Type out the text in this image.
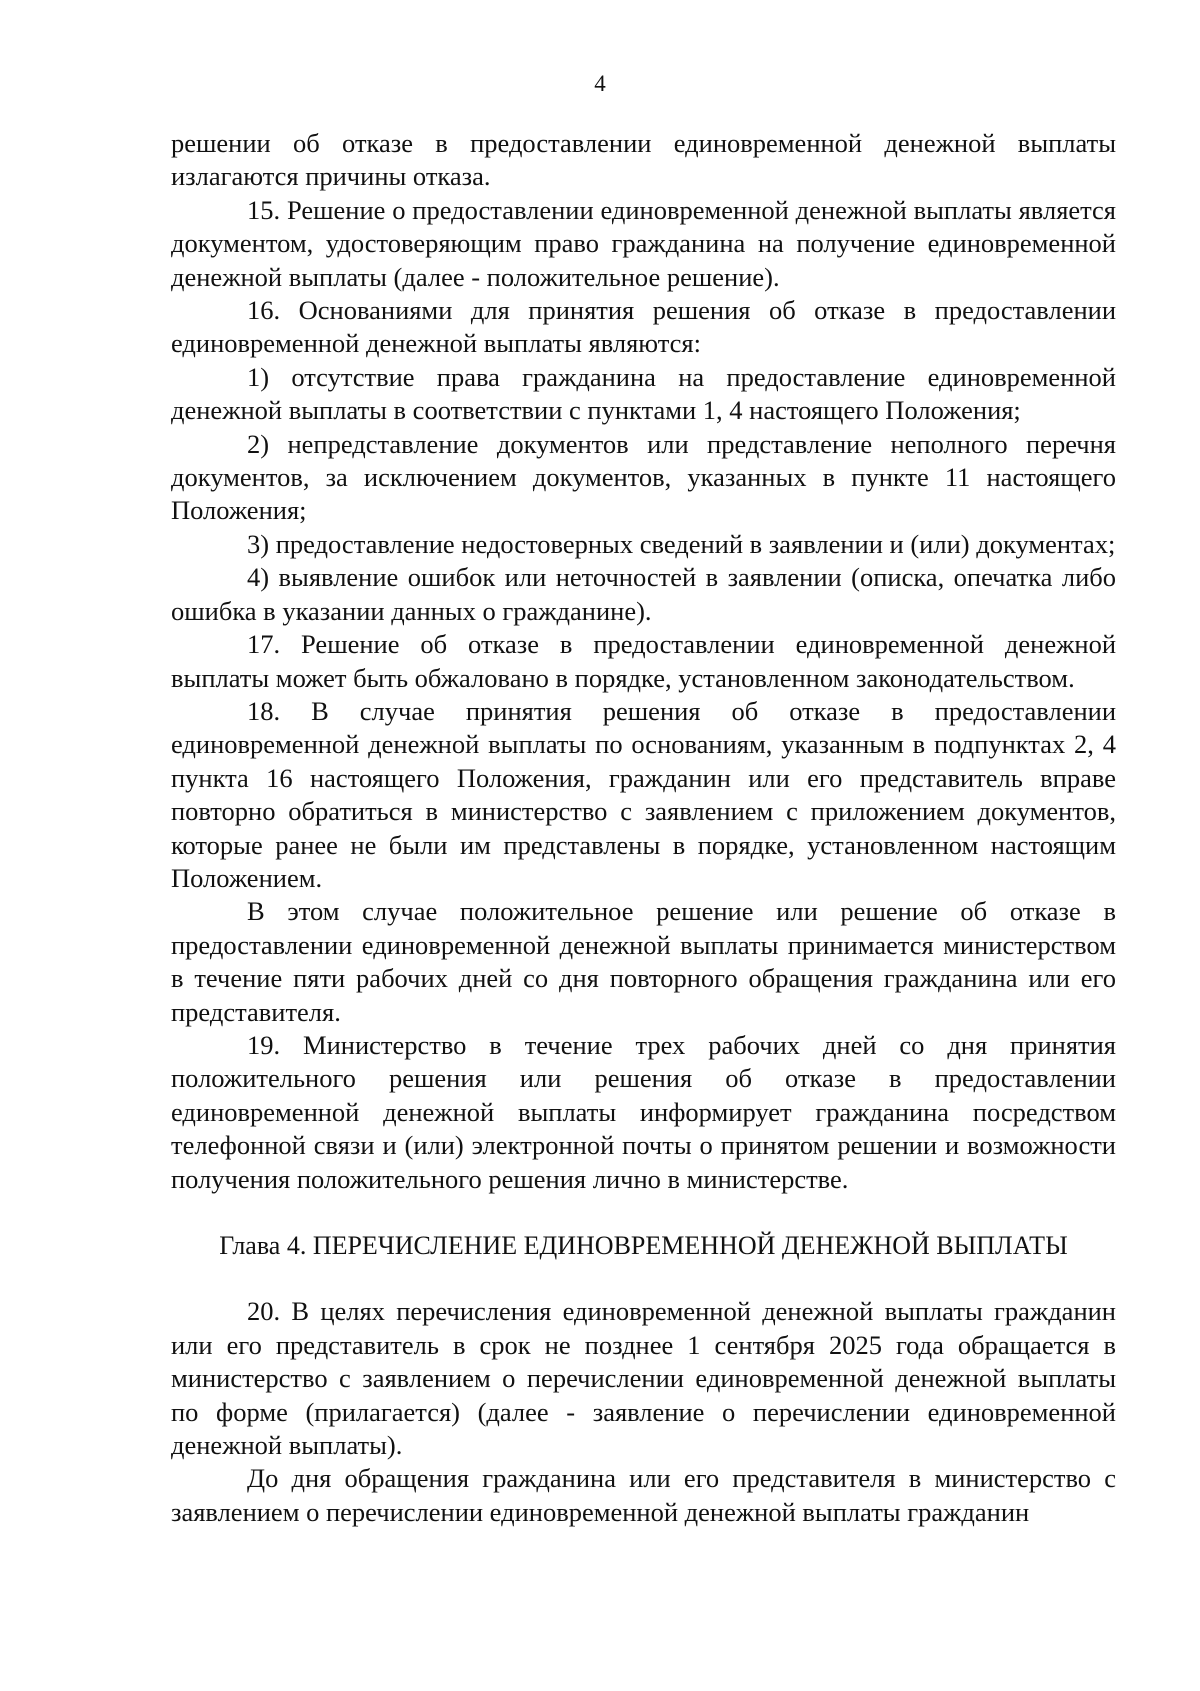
4

решении об отказе в предоставлении единовременной денежной выплаты излагаются причины отказа.

15. Решение о предоставлении единовременной денежной выплаты является документом, удостоверяющим право гражданина на получение единовременной денежной выплаты (далее - положительное решение).

16. Основаниями для принятия решения об отказе в предоставлении единовременной денежной выплаты являются:

1) отсутствие права гражданина на предоставление единовременной денежной выплаты в соответствии с пунктами 1, 4 настоящего Положения;

2) непредставление документов или представление неполного перечня документов, за исключением документов, указанных в пункте 11 настоящего Положения;

3) предоставление недостоверных сведений в заявлении и (или) документах;

4) выявление ошибок или неточностей в заявлении (описка, опечатка либо ошибка в указании данных о гражданине).

17. Решение об отказе в предоставлении единовременной денежной выплаты может быть обжаловано в порядке, установленном законодательством.

18. В случае принятия решения об отказе в предоставлении единовременной денежной выплаты по основаниям, указанным в подпунктах 2, 4 пункта 16 настоящего Положения, гражданин или его представитель вправе повторно обратиться в министерство с заявлением с приложением документов, которые ранее не были им представлены в порядке, установленном настоящим Положением.

В этом случае положительное решение или решение об отказе в предоставлении единовременной денежной выплаты принимается министерством в течение пяти рабочих дней со дня повторного обращения гражданина или его представителя.

19. Министерство в течение трех рабочих дней со дня принятия положительного решения или решения об отказе в предоставлении единовременной денежной выплаты информирует гражданина посредством телефонной связи и (или) электронной почты о принятом решении и возможности получения положительного решения лично в министерстве.

Глава 4. ПЕРЕЧИСЛЕНИЕ ЕДИНОВРЕМЕННОЙ ДЕНЕЖНОЙ ВЫПЛАТЫ

20. В целях перечисления единовременной денежной выплаты гражданин или его представитель в срок не позднее 1 сентября 2025 года обращается в министерство с заявлением о перечислении единовременной денежной выплаты по форме (прилагается) (далее - заявление о перечислении единовременной денежной выплаты).

До дня обращения гражданина или его представителя в министерство с заявлением о перечислении единовременной денежной выплаты гражданин
